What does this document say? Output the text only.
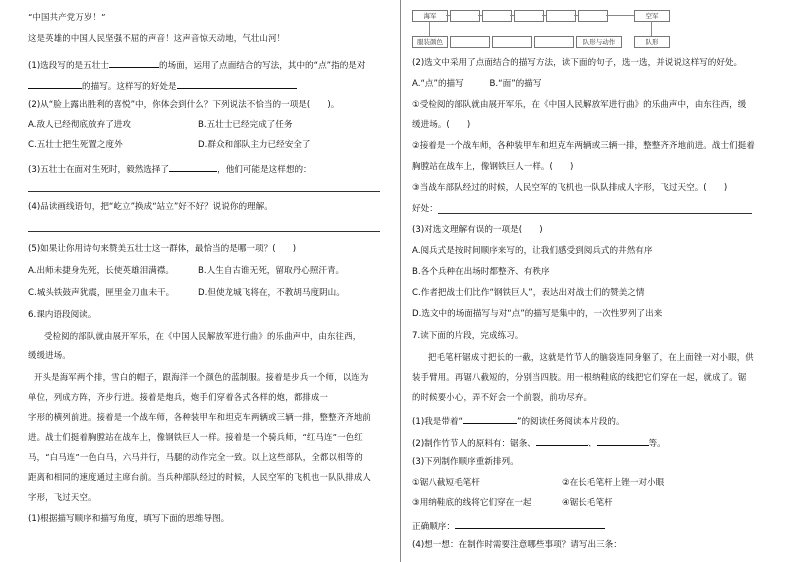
“中国共产党万岁！”
这是英雄的中国人民坚强不屈的声音！这声音惊天动地，气壮山河！
(1)选段写的是五壮士	的场面，运用了点面结合的写法，其中的“点”指的是对
的描写。这样写的好处是
(2)从“脸上露出胜利的喜悦”中，你体会到什么？下列说法不恰当的一项是(　　)。
A.敌人已经彻底放弃了进攻	B.五壮士已经完成了任务
C.五壮士把生死置之度外	D.群众和部队主力已经安全了
(3)五壮士在面对生死时，毅然选择了	，他们可能是这样想的：
(4)品读画线语句，把“屹立”换成“站立”好不好？说说你的理解。
(5)如果让你用诗句来赞美五壮士这一群体，最恰当的是哪一项？(　　)
A.出师未捷身先死，长使英雄泪满襟。	B.人生自古谁无死，留取丹心照汗青。
C.城头铁鼓声犹震，匣里金刀血未干。	D.但使龙城飞将在，不教胡马度阴山。
6.课内语段阅读。
受检阅的部队就由展开军乐，在《中国人民解放军进行曲》的乐曲声中，由东往西，
缓缓进场。
开头是海军两个排，雪白的帽子，跟海洋一个颜色的蓝制服。接着是步兵一个师，以连为
单位，列成方阵，齐步行进。接着是炮兵，炮手们穿着各式各样的炮，都排成一
字形的横列前进。接着是一个战车师，各种装甲车和坦克车两辆或三辆一排，整整齐齐地前
进。战士们挺着胸膛站在战车上，像钢铁巨人一样。接着是一个骑兵师，“红马连”一色红
马，“白马连”一色白马，六马并行，马腿的动作完全一致。以上这些部队，全都以相等的
距离和相同的速度通过主席台前。当兵种部队经过的时候，人民空军的飞机也一队队排成人
字形，飞过天空。
(1)根据描写顺序和描写角度，填写下面的思维导图。
海军	空军
服装颜色	队形与动作	队形
(2)选文中采用了点面结合的描写方法，读下面的句子，选一选，并说说这样写的好处。
A.“点”的描写　　　B.“面”的描写
①受检阅的部队就由展开军乐，在《中国人民解放军进行曲》的乐曲声中，由东往西，缓
缓进场。(　　)
②接着是一个战车师，各种装甲车和坦克车两辆或三辆一排，整整齐齐地前进。战士们挺着
胸膛站在战车上，像钢铁巨人一样。(　　)
③当战车部队经过的时候，人民空军的飞机也一队队排成人字形，飞过天空。(　　)
好处：
(3)对选文理解有误的一项是(　　)
A.阅兵式是按时间顺序来写的，让我们感受到阅兵式的井然有序
B.各个兵种在出场时都整齐、有秩序
C.作者把战士们比作“钢铁巨人”，表达出对战士们的赞美之情
D.选文中的场面描写与对“点”的描写是集中的，一次性罗列了出来
7.读下面的片段，完成练习。
把毛笔杆锯成寸把长的一截，这就是竹节人的脑袋连同身躯了，在上面锉一对小眼，供
装手臂用。再锯八截短的，分别当四肢。用一根纳鞋底的线把它们穿在一起，就成了。锯
的时候要小心，弄不好会一个前裂，前功尽弃。
(1)我是带着“	”的阅读任务阅读本片段的。
(2)制作竹节人的原料有：锯条、	、	等。
(3)下列制作顺序重新排列。
①锯八截短毛笔杆	②在长毛笔杆上锉一对小眼
③用纳鞋底的线将它们穿在一起	④锯长毛笔杆
正确顺序：
(4)想一想：在制作时需要注意哪些事项？请写出三条：
